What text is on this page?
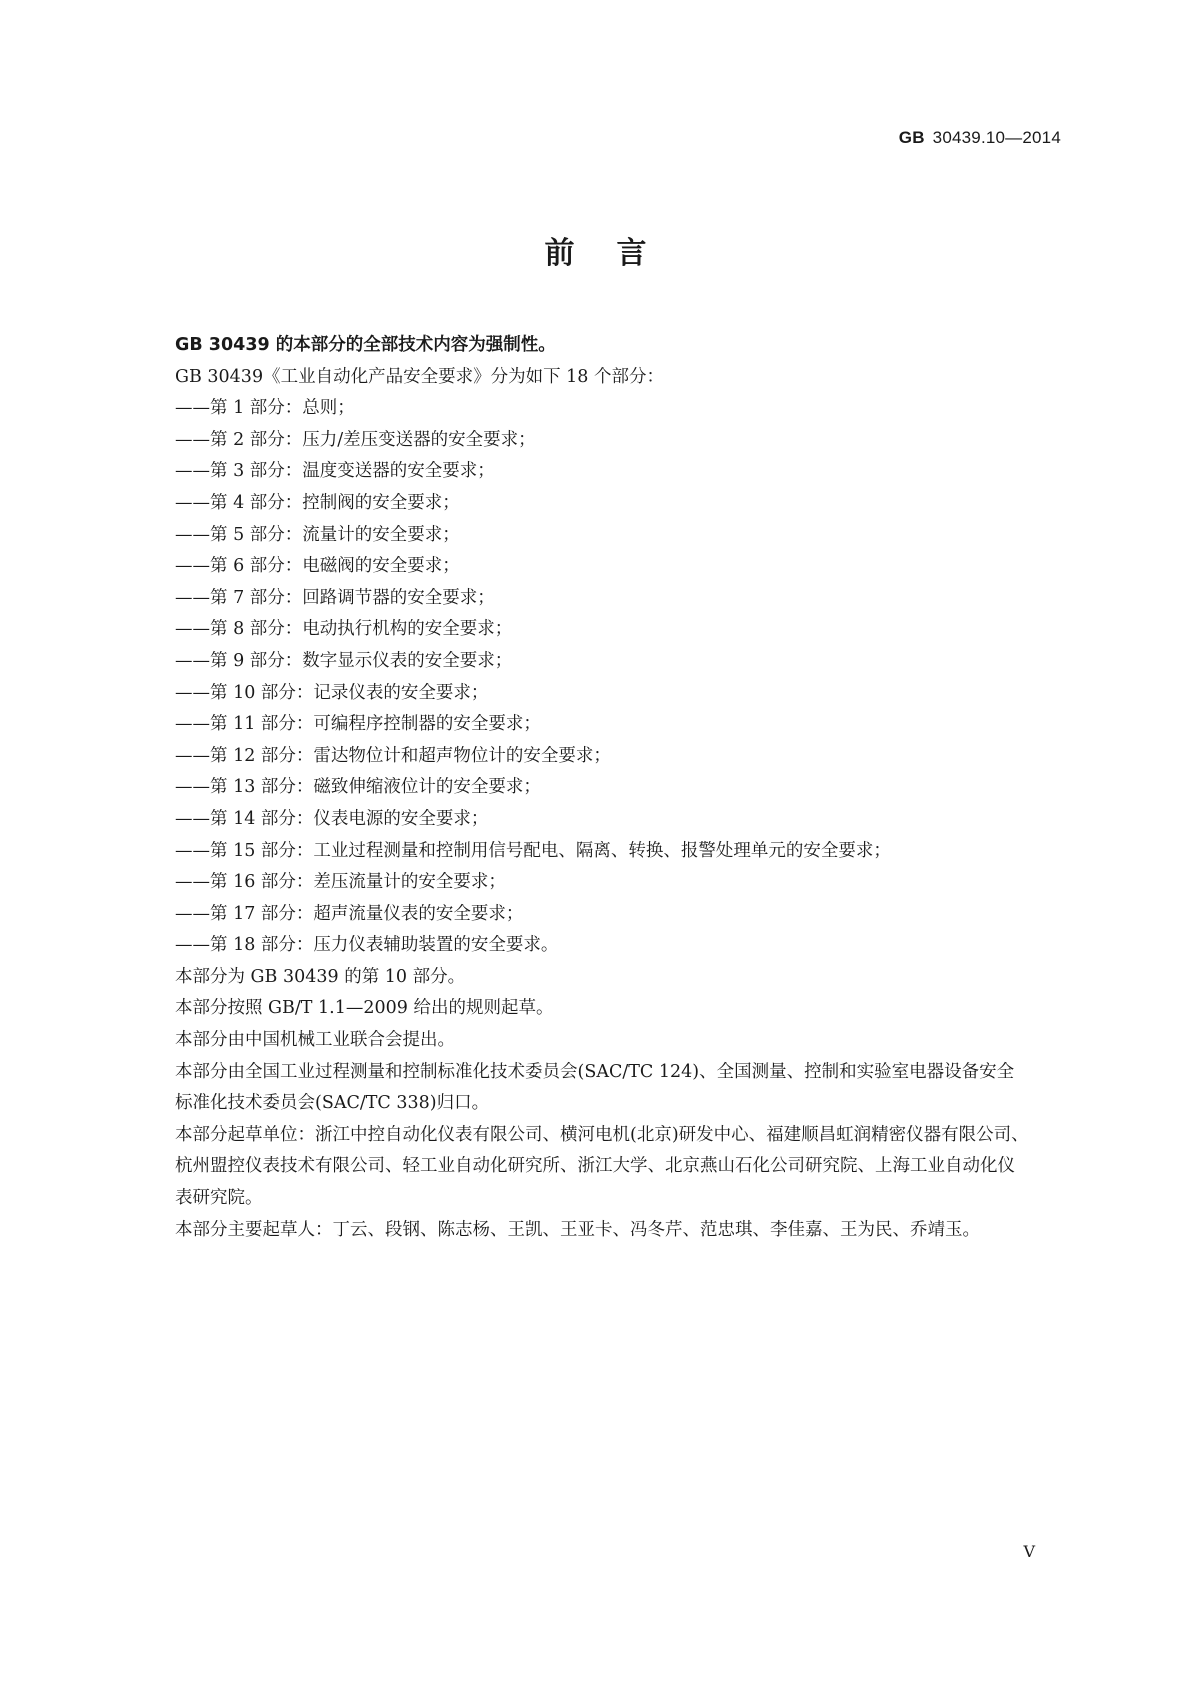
GB 30439.10—2014
前言

GB 30439 的本部分的全部技术内容为强制性。

GB 30439《工业自动化产品安全要求》分为如下 18 个部分：

——第 1 部分：总则；

——第 2 部分：压力/差压变送器的安全要求；

——第 3 部分：温度变送器的安全要求；

——第 4 部分：控制阀的安全要求；

——第 5 部分：流量计的安全要求；

——第 6 部分：电磁阀的安全要求；

——第 7 部分：回路调节器的安全要求；

——第 8 部分：电动执行机构的安全要求；

——第 9 部分：数字显示仪表的安全要求；

——第 10 部分：记录仪表的安全要求；

——第 11 部分：可编程序控制器的安全要求；

——第 12 部分：雷达物位计和超声物位计的安全要求；

——第 13 部分：磁致伸缩液位计的安全要求；

——第 14 部分：仪表电源的安全要求；

——第 15 部分：工业过程测量和控制用信号配电、隔离、转换、报警处理单元的安全要求；

——第 16 部分：差压流量计的安全要求；

——第 17 部分：超声流量仪表的安全要求；

——第 18 部分：压力仪表辅助装置的安全要求。

本部分为 GB 30439 的第 10 部分。

本部分按照 GB/T 1.1—2009 给出的规则起草。

本部分由中国机械工业联合会提出。

本部分由全国工业过程测量和控制标准化技术委员会(SAC/TC 124)、全国测量、控制和实验室电器设备安全标准化技术委员会(SAC/TC 338)归口。

本部分起草单位：浙江中控自动化仪表有限公司、横河电机(北京)研发中心、福建顺昌虹润精密仪器有限公司、杭州盟控仪表技术有限公司、轻工业自动化研究所、浙江大学、北京燕山石化公司研究院、上海工业自动化仪表研究院。

本部分主要起草人：丁云、段钢、陈志杨、王凯、王亚卡、冯冬芹、范忠琪、李佳嘉、王为民、乔靖玉。

V
